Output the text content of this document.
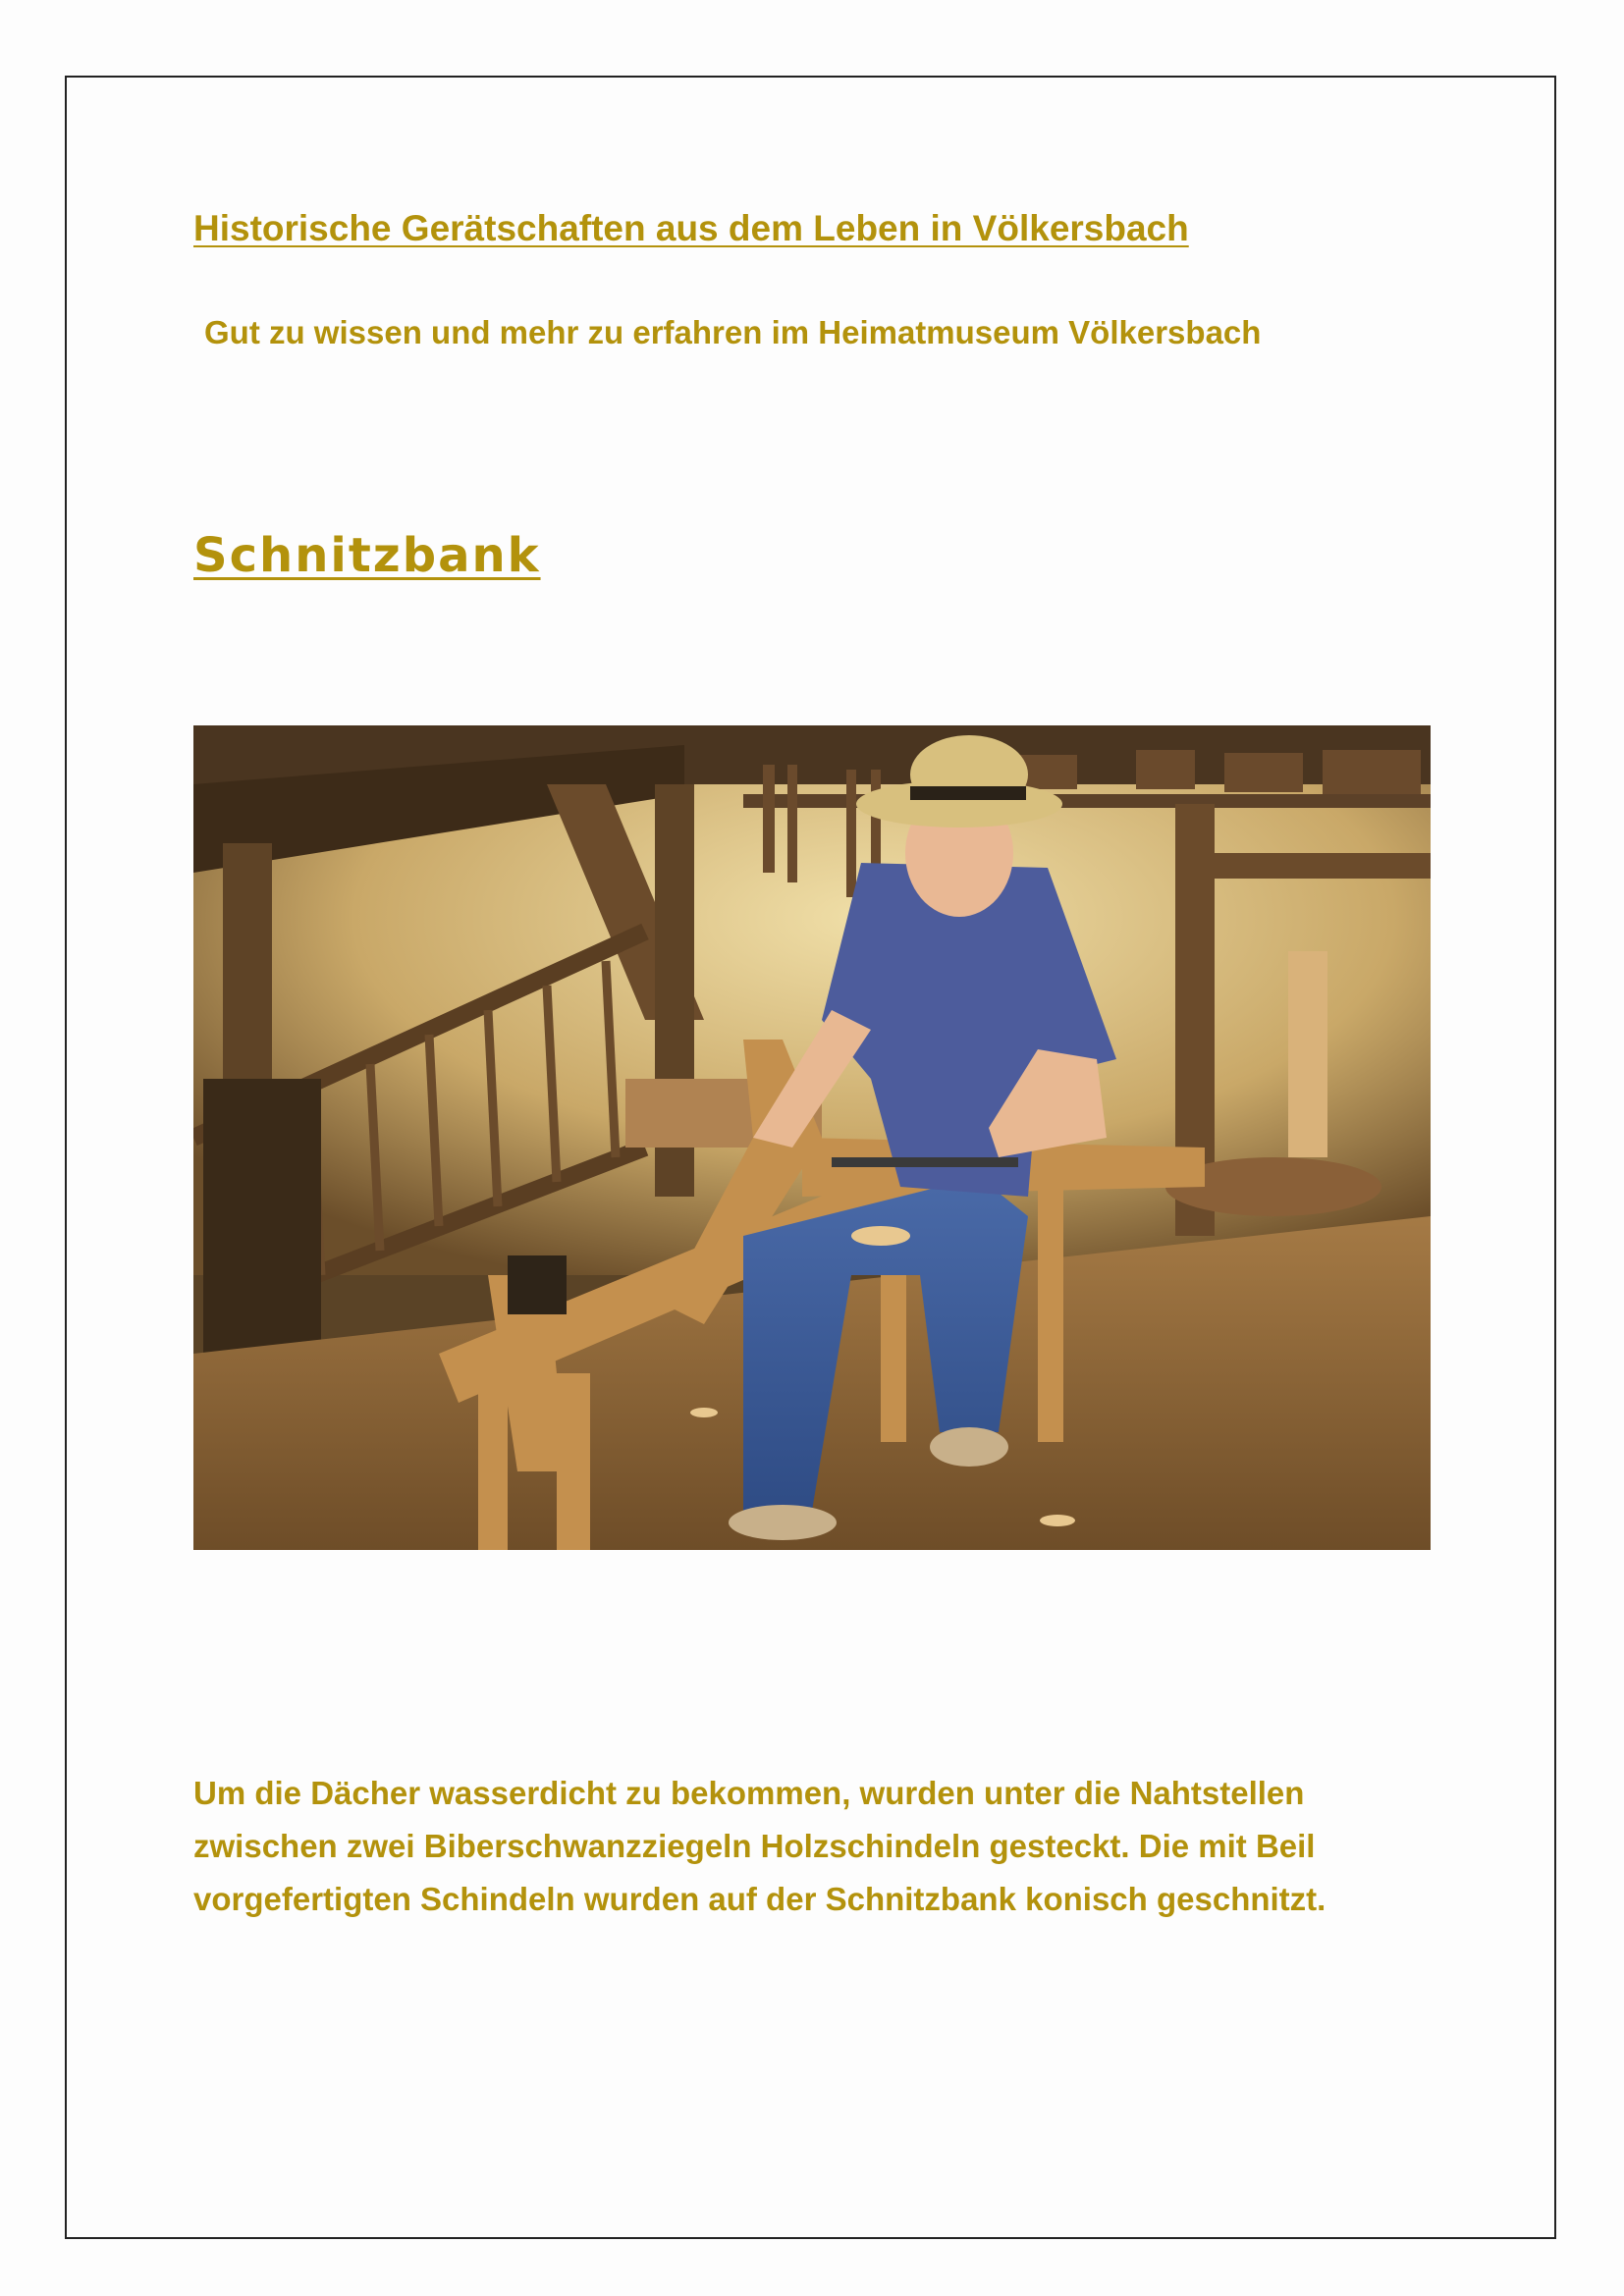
Historische Gerätschaften aus dem Leben in Völkersbach
Gut zu wissen und mehr zu erfahren im Heimatmuseum Völkersbach
Schnitzbank

Um die Dächer wasserdicht zu bekommen, wurden unter die Nahtstellen zwischen zwei Biberschwanzziegeln Holzschindeln gesteckt. Die mit Beil vorgefertigten Schindeln wurden auf der Schnitzbank konisch geschnitzt.
